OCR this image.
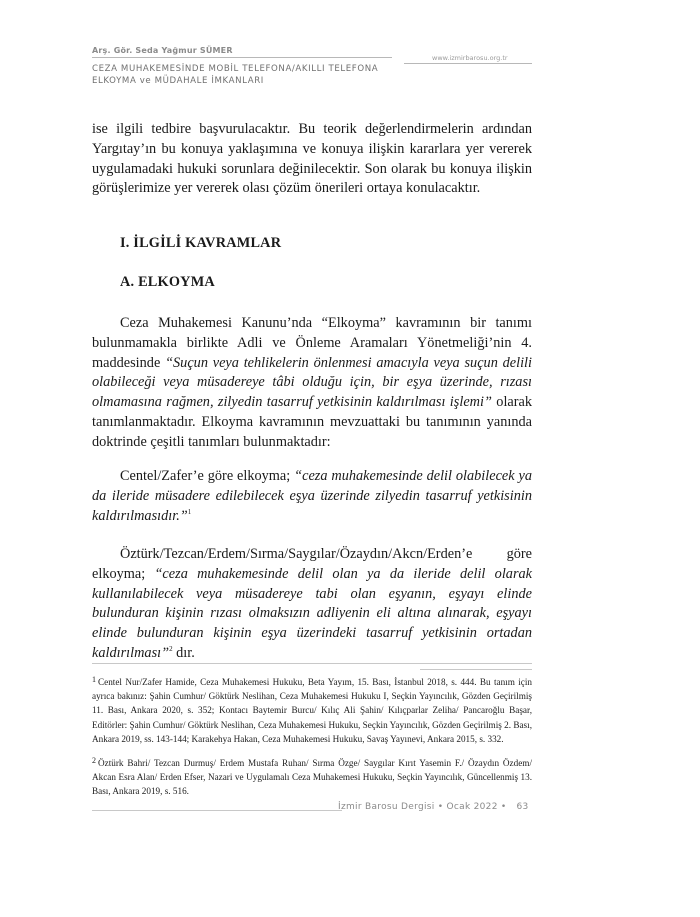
Arş. Gör. Seda Yağmur SÜMER
www.izmirbarosu.org.tr
CEZA MUHAKEMESİNDE MOBİL TELEFONA/AKILLI TELEFONA
ELKOYMA ve MÜDAHALE İMKANLARI

ise ilgili tedbire başvurulacaktır. Bu teorik değerlendirmelerin ardından Yargıtay’ın bu konuya yaklaşımına ve konuya ilişkin kararlara yer vererek uygulamadaki hukuki sorunlara değinilecektir. Son olarak bu konuya ilişkin görüşlerimize yer vererek olası çözüm önerileri ortaya konulacaktır.

I. İLGİLİ KAVRAMLAR
A. ELKOYMA

Ceza Muhakemesi Kanunu’nda “Elkoyma” kavramının bir tanımı bulunmamakla birlikte Adli ve Önleme Aramaları Yönetmeliği’nin 4. maddesinde “Suçun veya tehlikelerin önlenmesi amacıyla veya suçun delili olabileceği veya müsadereye tâbi olduğu için, bir eşya üzerinde, rızası olmamasına rağmen, zilyedin tasarruf yetkisinin kaldırılması işlemi” olarak tanımlanmaktadır. Elkoyma kavramının mevzuattaki bu tanımının yanında doktrinde çeşitli tanımları bulunmaktadır:

Centel/Zafer’e göre elkoyma; “ceza muhakemesinde delil olabilecek ya da ileride müsadere edilebilecek eşya üzerinde zilyedin tasarruf yetkisinin kaldırılmasıdır.”$^1$

Öztürk/Tezcan/Erdem/Sırma/Saygılar/Özaydın/Akcn/Erden’e göre elkoyma; “ceza muhakemesinde delil olan ya da ileride delil olarak kullanılabilecek veya müsadereye tabi olan eşyanın, eşyayı elinde bulunduran kişinin rızası olmaksızın adliyenin eli altına alınarak, eşyayı elinde bulunduran kişinin eşya üzerindeki tasarruf yetkisinin ortadan kaldırılması”$^2$ dır.

1 Centel Nur/Zafer Hamide, Ceza Muhakemesi Hukuku, Beta Yayım, 15. Bası, İstanbul 2018, s. 444. Bu tanım için ayrıca bakınız: Şahin Cumhur/ Göktürk Neslihan, Ceza Muhakemesi Hukuku I, Seçkin Yayıncılık, Gözden Geçirilmiş 11. Bası, Ankara 2020, s. 352; Kontacı Baytemir Burcu/ Kılıç Ali Şahin/ Kılıçparlar Zeliha/ Pancaroğlu Başar, Editörler: Şahin Cumhur/ Göktürk Neslihan, Ceza Muhakemesi Hukuku, Seçkin Yayıncılık, Gözden Geçirilmiş 2. Bası, Ankara 2019, ss. 143-144; Karakehya Hakan, Ceza Muhakemesi Hukuku, Savaş Yayınevi, Ankara 2015, s. 332.

2 Öztürk Bahri/ Tezcan Durmuş/ Erdem Mustafa Ruhan/ Sırma Özge/ Saygılar Kırıt Yasemin F./ Özaydın Özdem/ Akcan Esra Alan/ Erden Efser, Nazari ve Uygulamalı Ceza Muhakemesi Hukuku, Seçkin Yayıncılık, Güncellenmiş 13. Bası, Ankara 2019, s. 516.

İzmir Barosu Dergisi • Ocak 2022 • 63
